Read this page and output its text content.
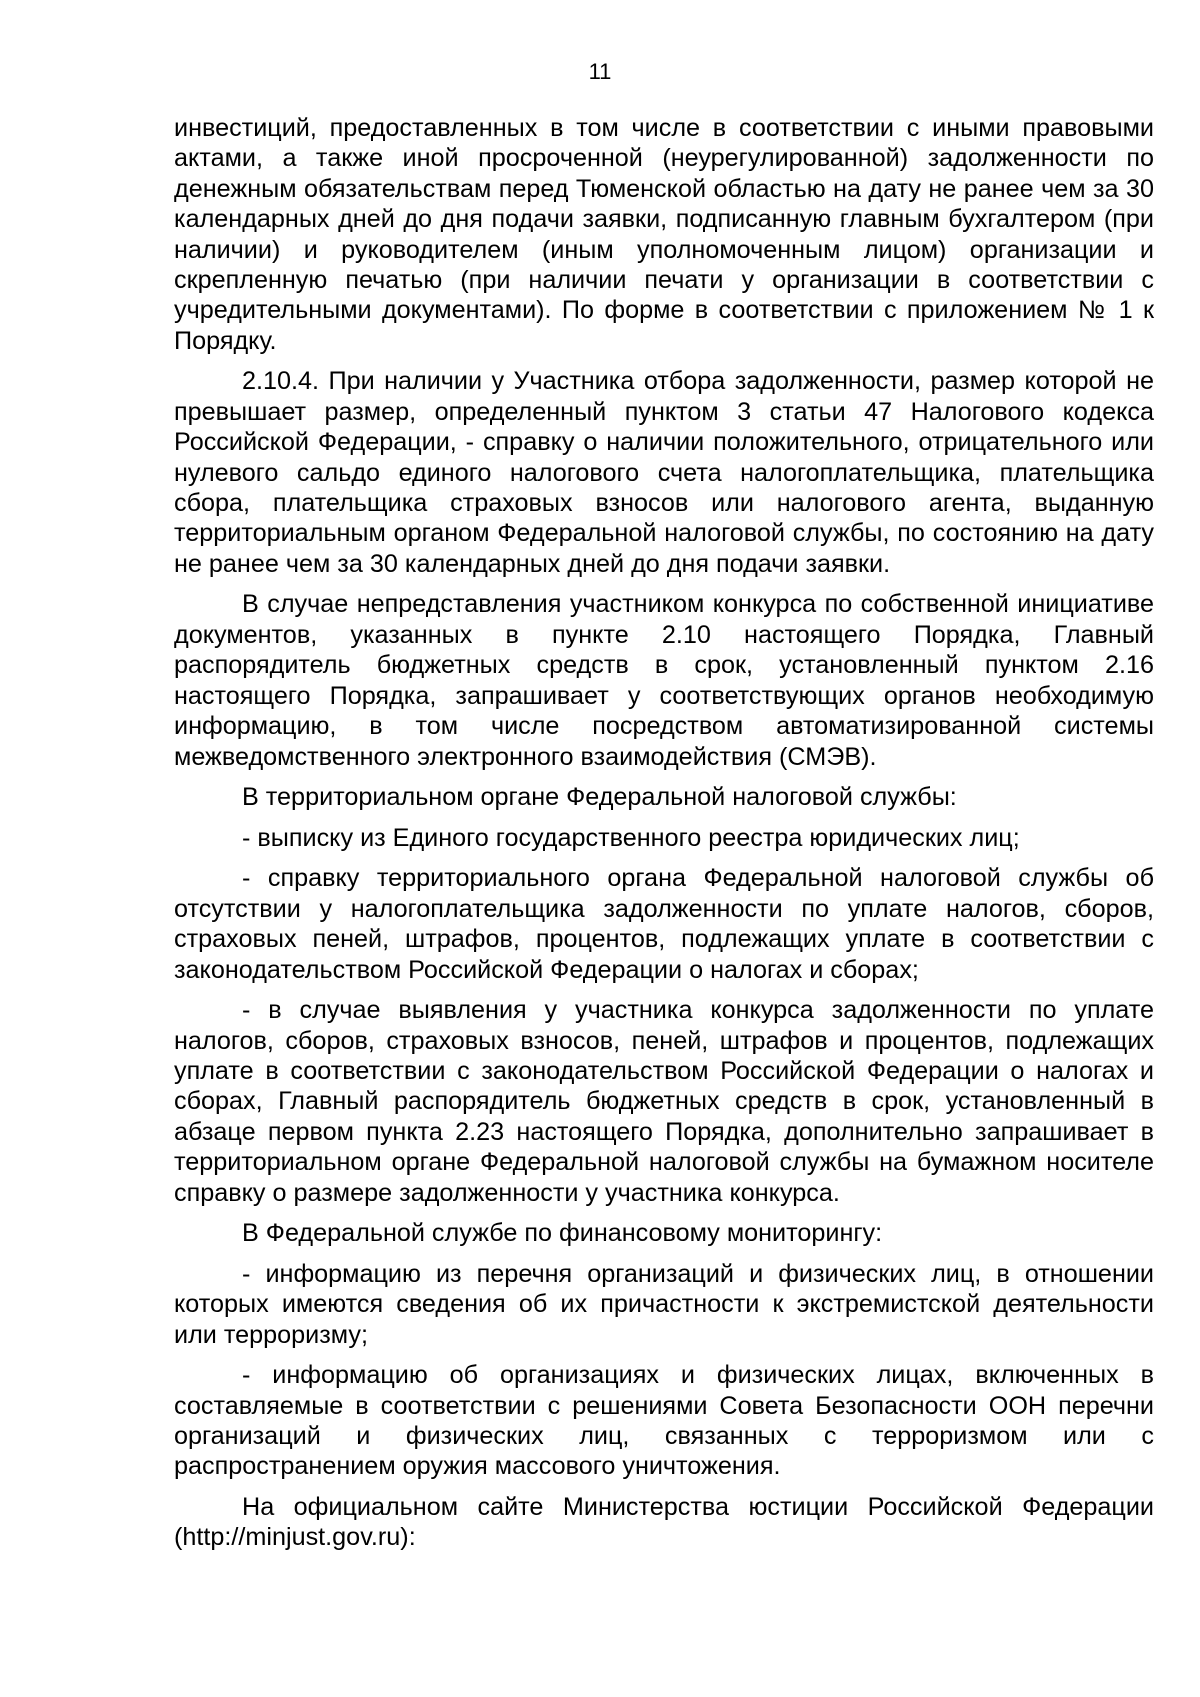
11

инвестиций, предоставленных в том числе в соответствии с иными правовыми актами, а также иной просроченной (неурегулированной) задолженности по денежным обязательствам перед Тюменской областью на дату не ранее чем за 30 календарных дней до дня подачи заявки, подписанную главным бухгалтером (при наличии) и руководителем (иным уполномоченным лицом) организации и скрепленную печатью (при наличии печати у организации в соответствии с учредительными документами). По форме в соответствии с приложением № 1 к Порядку.

2.10.4. При наличии у Участника отбора задолженности, размер которой не превышает размер, определенный пунктом 3 статьи 47 Налогового кодекса Российской Федерации, - справку о наличии положительного, отрицательного или нулевого сальдо единого налогового счета налогоплательщика, плательщика сбора, плательщика страховых взносов или налогового агента, выданную территориальным органом Федеральной налоговой службы, по состоянию на дату не ранее чем за 30 календарных дней до дня подачи заявки.

В случае непредставления участником конкурса по собственной инициативе документов, указанных в пункте 2.10 настоящего Порядка, Главный распорядитель бюджетных средств в срок, установленный пунктом 2.16 настоящего Порядка, запрашивает у соответствующих органов необходимую информацию, в том числе посредством автоматизированной системы межведомственного электронного взаимодействия (СМЭВ).

В территориальном органе Федеральной налоговой службы:

- выписку из Единого государственного реестра юридических лиц;

- справку территориального органа Федеральной налоговой службы об отсутствии у налогоплательщика задолженности по уплате налогов, сборов, страховых пеней, штрафов, процентов, подлежащих уплате в соответствии с законодательством Российской Федерации о налогах и сборах;

- в случае выявления у участника конкурса задолженности по уплате налогов, сборов, страховых взносов, пеней, штрафов и процентов, подлежащих уплате в соответствии с законодательством Российской Федерации о налогах и сборах, Главный распорядитель бюджетных средств в срок, установленный в абзаце первом пункта 2.23 настоящего Порядка, дополнительно запрашивает в территориальном органе Федеральной налоговой службы на бумажном носителе справку о размере задолженности у участника конкурса.

В Федеральной службе по финансовому мониторингу:

- информацию из перечня организаций и физических лиц, в отношении которых имеются сведения об их причастности к экстремистской деятельности или терроризму;

- информацию об организациях и физических лицах, включенных в составляемые в соответствии с решениями Совета Безопасности ООН перечни организаций и физических лиц, связанных с терроризмом или с распространением оружия массового уничтожения.

На официальном сайте Министерства юстиции Российской Федерации (http://minjust.gov.ru):
